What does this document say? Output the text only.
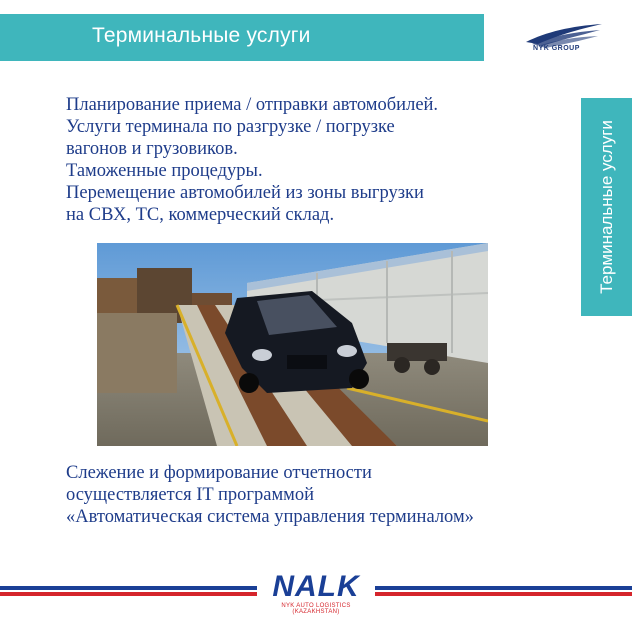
Терминальные услуги
NYK GROUP
Терминальные услуги
Планирование приема / отправки автомобилей.
Услуги терминала по разгрузке / погрузке
вагонов и грузовиков.
Таможенные процедуры.
Перемещение автомобилей из зоны выгрузки
на СВХ, ТС, коммерческий склад.
Слежение и формирование отчетности
осуществляется IT программой
«Автоматическая система управления терминалом»
NALK
NYK AUTO LOGISTICS (KAZAKHSTAN)
